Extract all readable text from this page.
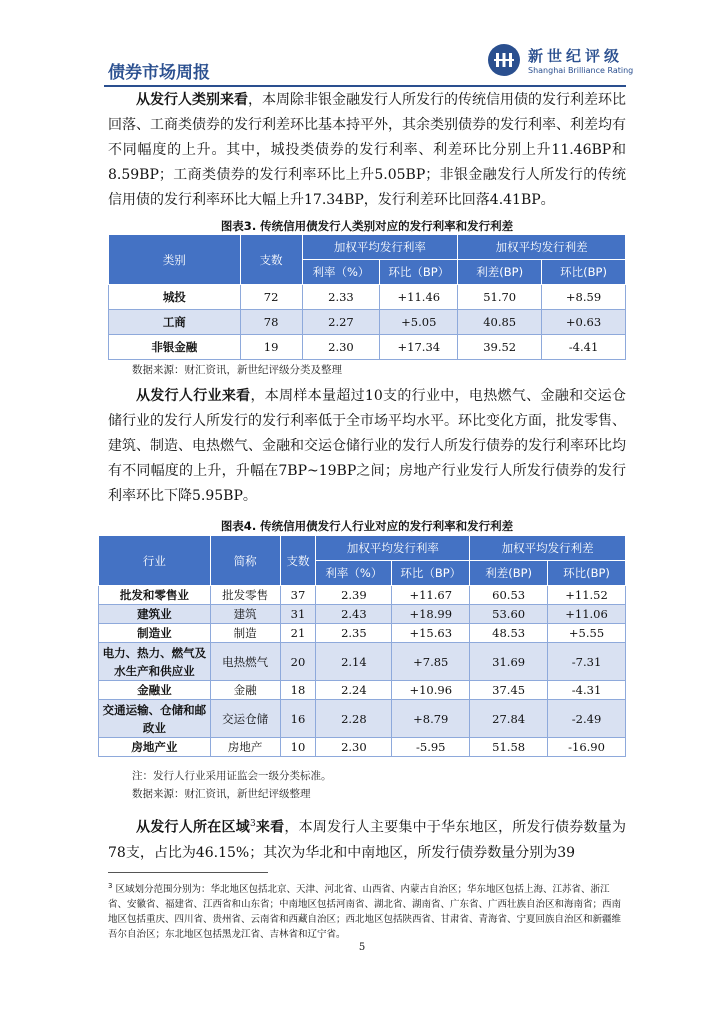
债券市场周报
新世纪评级
Shanghai Brilliance Rating
从发行人类别来看，本周除非银金融发行人所发行的传统信用债的发行利差环比回落、工商类债券的发行利差环比基本持平外，其余类别债券的发行利率、利差均有不同幅度的上升。其中，城投类债券的发行利率、利差环比分别上升11.46BP和8.59BP；工商类债券的发行利率环比上升5.05BP；非银金融发行人所发行的传统信用债的发行利率环比大幅上升17.34BP，发行利差环比回落4.41BP。
图表3. 传统信用债发行人类别对应的发行利率和发行利差
类别	支数	加权平均发行利率		加权平均发行利差	
		利率（%）	环比（BP）	利差(BP)	环比(BP)
城投	72	2.33	+11.46	51.70	+8.59
工商	78	2.27	+5.05	40.85	+0.63
非银金融	19	2.30	+17.34	39.52	-4.41
数据来源：财汇资讯，新世纪评级分类及整理
从发行人行业来看，本周样本量超过10支的行业中，电热燃气、金融和交运仓储行业的发行人所发行的发行利率低于全市场平均水平。环比变化方面，批发零售、建筑、制造、电热燃气、金融和交运仓储行业的发行人所发行债券的发行利率环比均有不同幅度的上升，升幅在7BP~19BP之间；房地产行业发行人所发行债券的发行利率环比下降5.95BP。
图表4. 传统信用债发行人行业对应的发行利率和发行利差
行业	简称	支数	加权平均发行利率		加权平均发行利差	
			利率（%）	环比（BP）	利差(BP)	环比(BP)
批发和零售业	批发零售	37	2.39	+11.67	60.53	+11.52
建筑业	建筑	31	2.43	+18.99	53.60	+11.06
制造业	制造	21	2.35	+15.63	48.53	+5.55
电力、热力、燃气及水生产和供应业	电热燃气	20	2.14	+7.85	31.69	-7.31
金融业	金融	18	2.24	+10.96	37.45	-4.31
交通运输、仓储和邮政业	交运仓储	16	2.28	+8.79	27.84	-2.49
房地产业	房地产	10	2.30	-5.95	51.58	-16.90
注：发行人行业采用证监会一级分类标准。
数据来源：财汇资讯，新世纪评级整理
从发行人所在区域$^3$来看，本周发行人主要集中于华东地区，所发行债券数量为78支，占比为46.15%；其次为华北和中南地区，所发行债券数量分别为39
$^3$ 区域划分范围分别为：华北地区包括北京、天津、河北省、山西省、内蒙古自治区；华东地区包括上海、江苏省、浙江省、安徽省、福建省、江西省和山东省；中南地区包括河南省、湖北省、湖南省、广东省、广西壮族自治区和海南省；西南地区包括重庆、四川省、贵州省、云南省和西藏自治区；西北地区包括陕西省、甘肃省、青海省、宁夏回族自治区和新疆维吾尔自治区；东北地区包括黑龙江省、吉林省和辽宁省。
5
